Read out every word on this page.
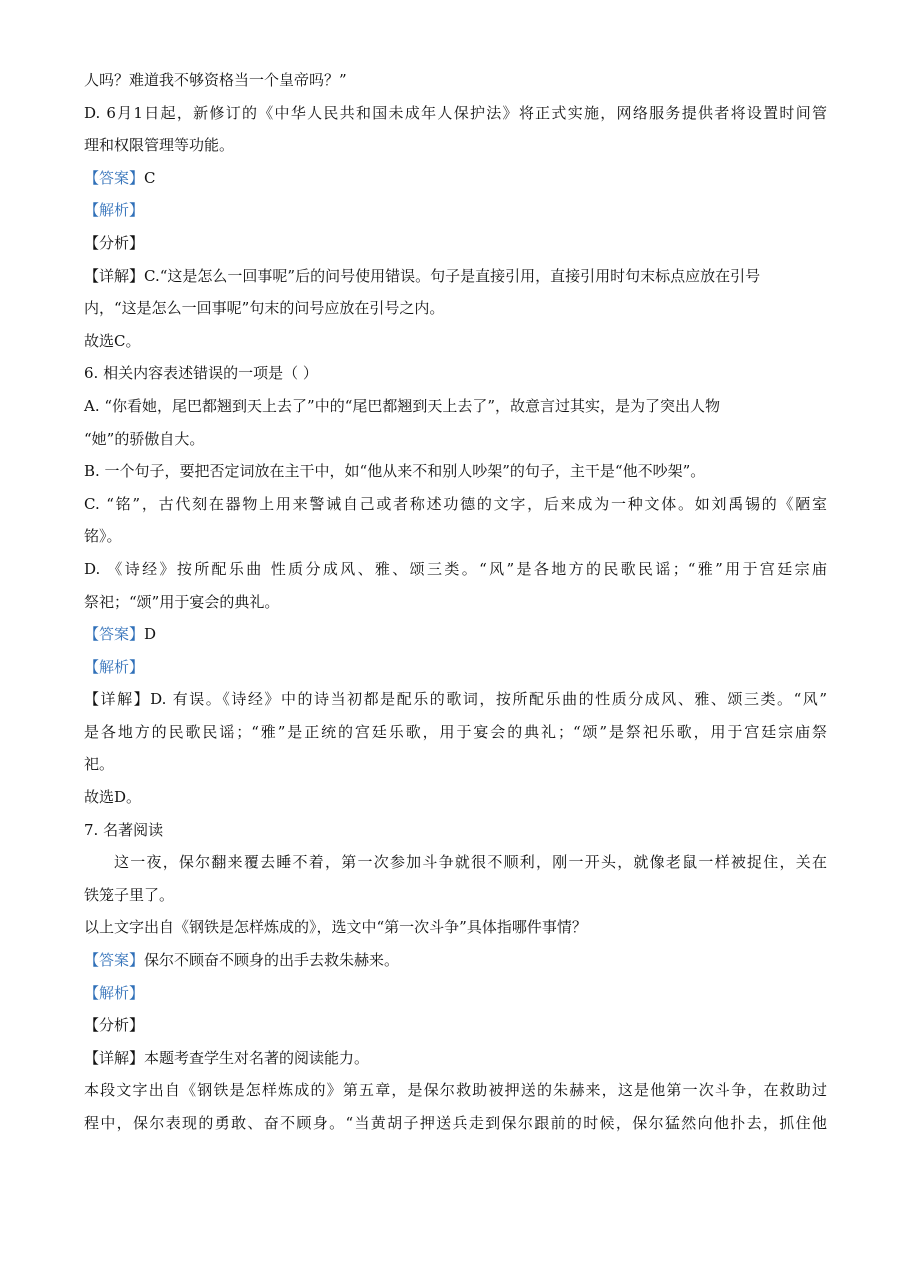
人吗？难道我不够资格当一个皇帝吗？”
D. 6月1日起，新修订的《中华人民共和国未成年人保护法》将正式实施，网络服务提供者将设置时间管
理和权限管理等功能。
【答案】C
【解析】
【分析】
【详解】C.“这是怎么一回事呢”后的问号使用错误。句子是直接引用，直接引用时句末标点应放在引号
内，“这是怎么一回事呢”句末的问号应放在引号之内。
故选C。
6. 相关内容表述错误的一项是（ ）
A. “你看她，尾巴都翘到天上去了”中的“尾巴都翘到天上去了”，故意言过其实，是为了突出人物
“她”的骄傲自大。
B. 一个句子，要把否定词放在主干中，如“他从来不和别人吵架”的句子，主干是“他不吵架”。
C. “铭”，古代刻在器物上用来警诫自己或者称述功德的文字，后来成为一种文体。如刘禹锡的《陋室
铭》。
D. 《诗经》按所配乐曲 性质分成风、雅、颂三类。“风”是各地方的民歌民谣；“雅”用于宫廷宗庙
祭祀；“颂”用于宴会的典礼。
【答案】D
【解析】
【详解】D. 有误。《诗经》中的诗当初都是配乐的歌词，按所配乐曲的性质分成风、雅、颂三类。“风”
是各地方的民歌民谣；“雅”是正统的宫廷乐歌，用于宴会的典礼；“颂”是祭祀乐歌，用于宫廷宗庙祭
祀。
故选D。
7. 名著阅读
这一夜，保尔翻来覆去睡不着，第一次参加斗争就很不顺利，刚一开头，就像老鼠一样被捉住，关在
铁笼子里了。
以上文字出自《钢铁是怎样炼成的》，选文中“第一次斗争”具体指哪件事情？
【答案】保尔不顾奋不顾身的出手去救朱赫来。
【解析】
【分析】
【详解】本题考查学生对名著的阅读能力。
本段文字出自《钢铁是怎样炼成的》第五章，是保尔救助被押送的朱赫来，这是他第一次斗争，在救助过
程中，保尔表现的勇敢、奋不顾身。“当黄胡子押送兵走到保尔跟前的时候，保尔猛然向他扑去，抓住他
